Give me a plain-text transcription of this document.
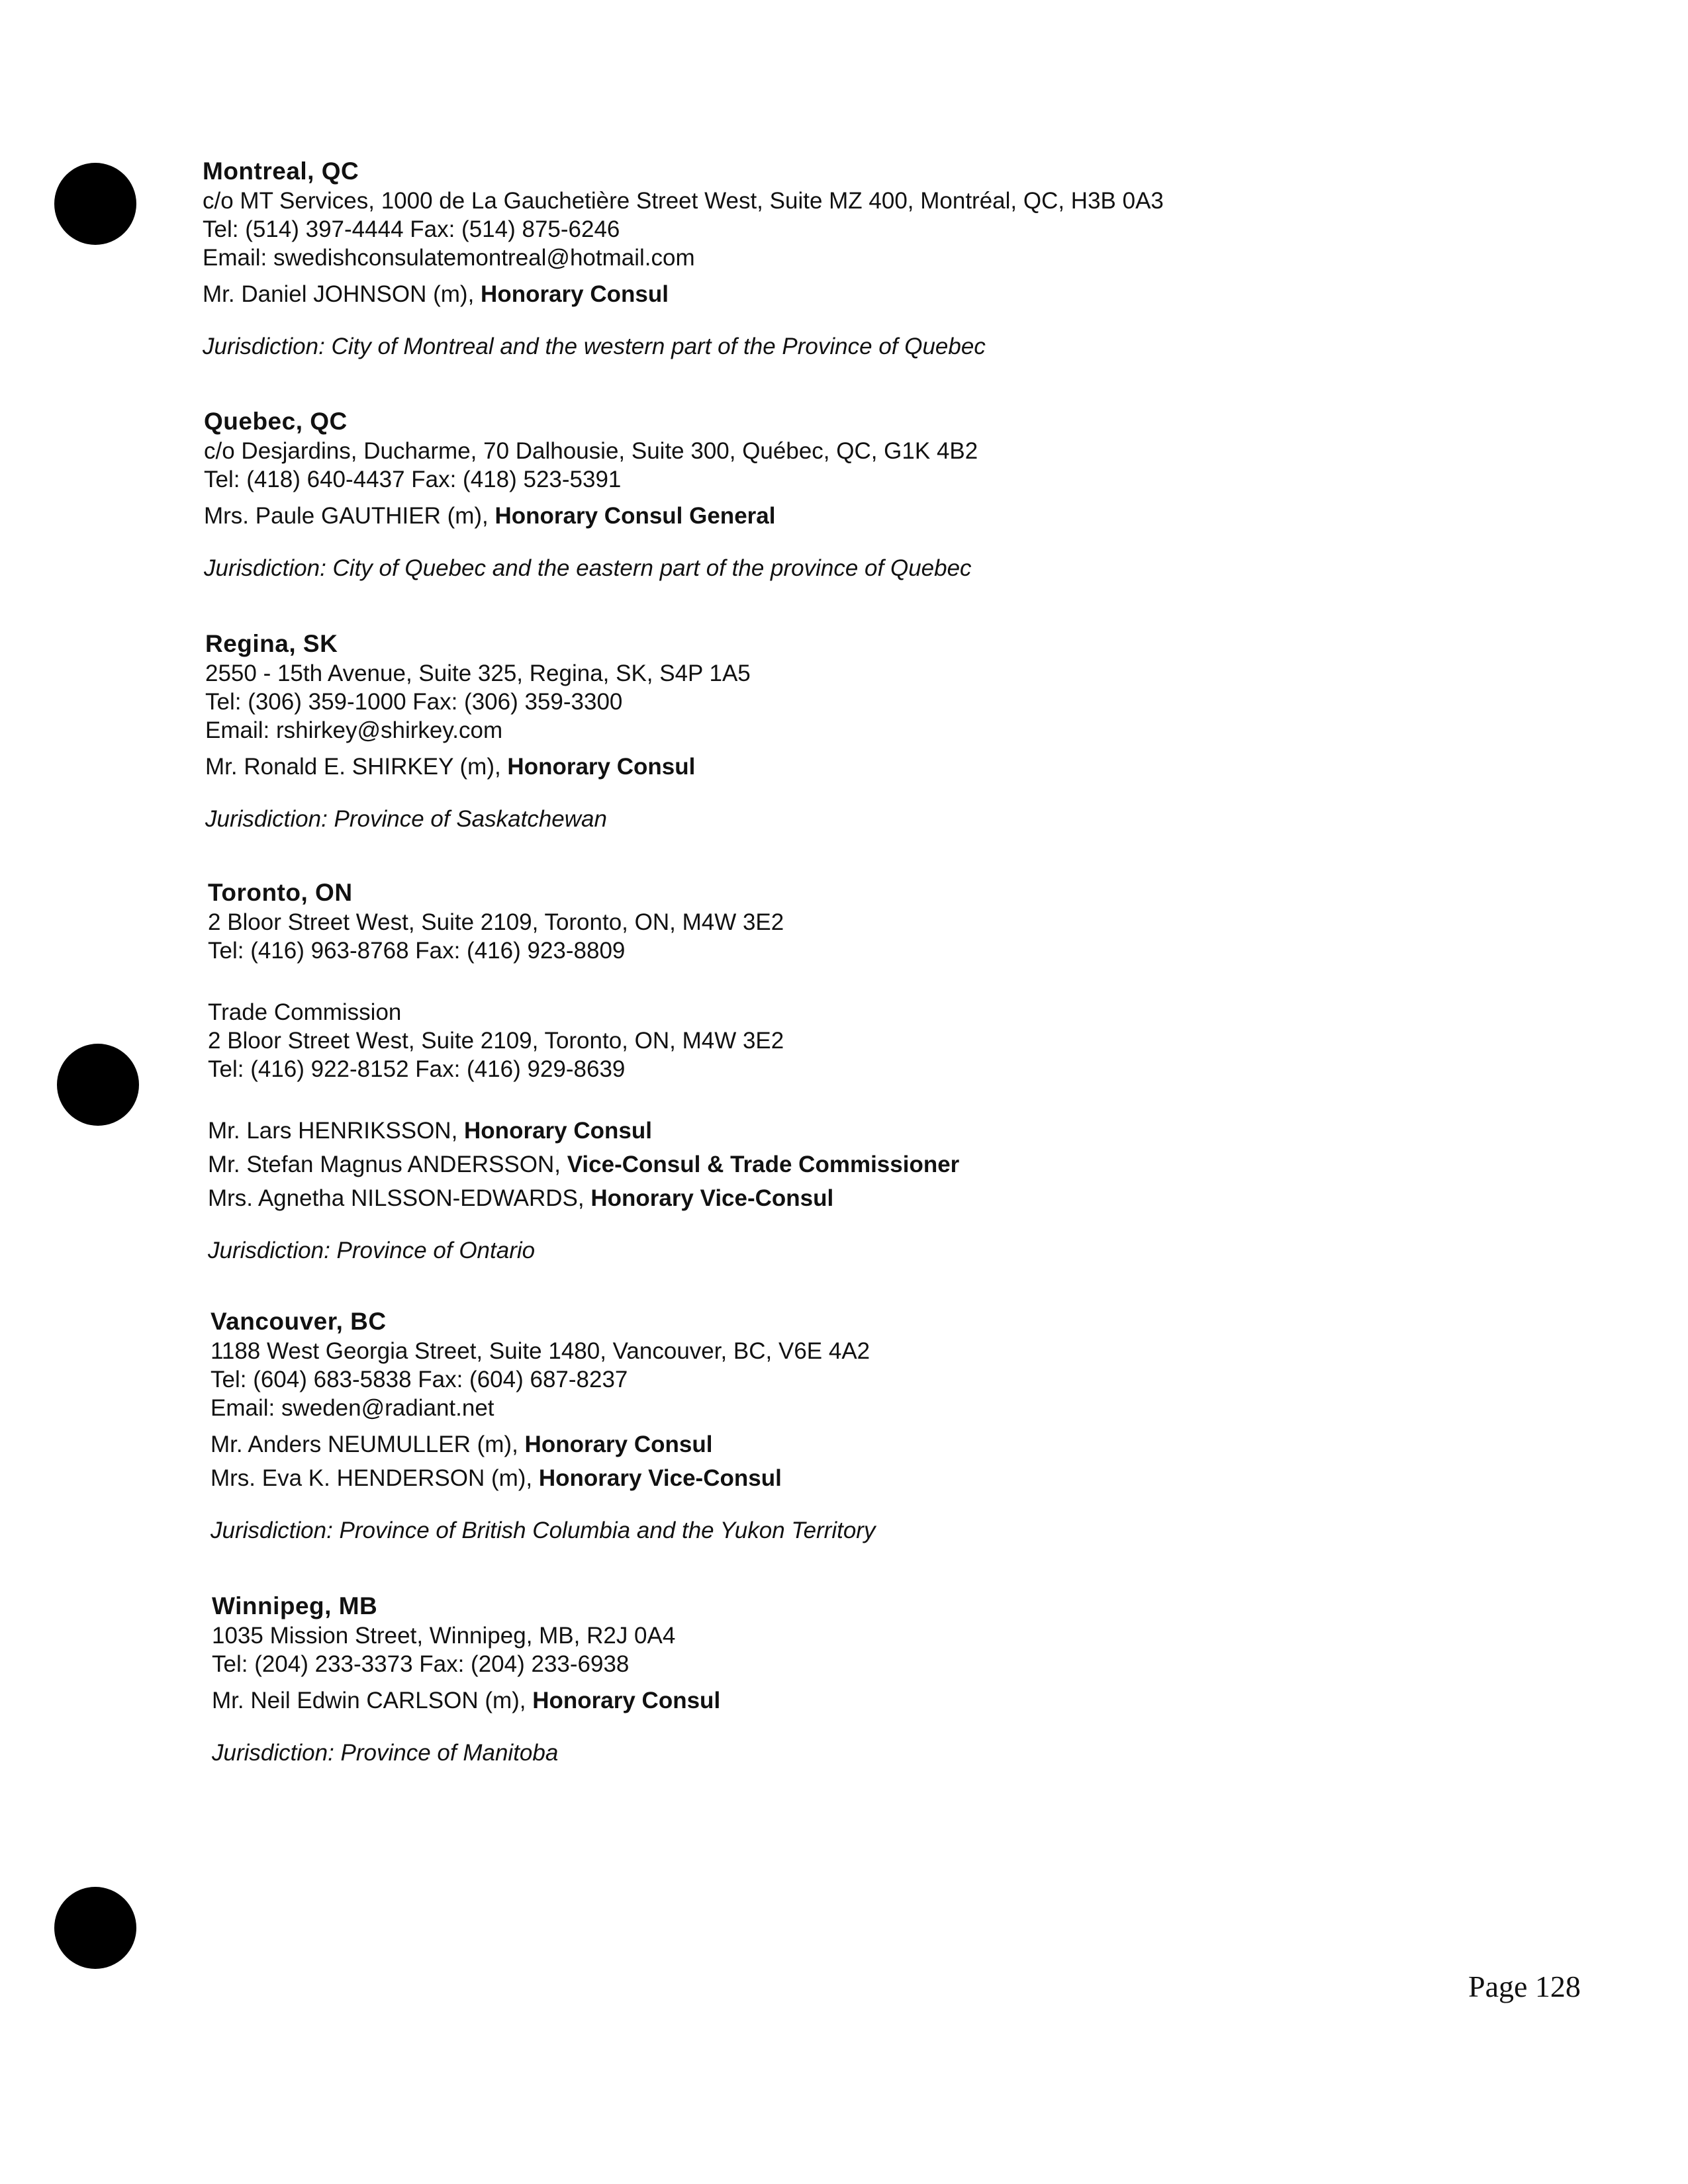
Montreal, QC
c/o MT Services, 1000 de La Gauchetière Street West, Suite MZ 400, Montréal, QC, H3B 0A3
Tel: (514) 397-4444 Fax: (514) 875-6246
Email: swedishconsulatemontreal@hotmail.com
Mr. Daniel JOHNSON (m), Honorary Consul
Jurisdiction: City of Montreal and the western part of the Province of Quebec
Quebec, QC
c/o Desjardins, Ducharme, 70 Dalhousie, Suite 300, Québec, QC, G1K 4B2
Tel: (418) 640-4437 Fax: (418) 523-5391
Mrs. Paule GAUTHIER (m), Honorary Consul General
Jurisdiction: City of Quebec and the eastern part of the province of Quebec
Regina, SK
2550 - 15th Avenue, Suite 325, Regina, SK, S4P 1A5
Tel: (306) 359-1000 Fax: (306) 359-3300
Email: rshirkey@shirkey.com
Mr. Ronald E. SHIRKEY (m), Honorary Consul
Jurisdiction: Province of Saskatchewan
Toronto, ON
2 Bloor Street West, Suite 2109, Toronto, ON, M4W 3E2
Tel: (416) 963-8768 Fax: (416) 923-8809
Trade Commission
2 Bloor Street West, Suite 2109, Toronto, ON, M4W 3E2
Tel: (416) 922-8152 Fax: (416) 929-8639
Mr. Lars HENRIKSSON, Honorary Consul
Mr. Stefan Magnus ANDERSSON, Vice-Consul & Trade Commissioner
Mrs. Agnetha NILSSON-EDWARDS, Honorary Vice-Consul
Jurisdiction: Province of Ontario
Vancouver, BC
1188 West Georgia Street, Suite 1480, Vancouver, BC, V6E 4A2
Tel: (604) 683-5838 Fax: (604) 687-8237
Email: sweden@radiant.net
Mr. Anders NEUMULLER (m), Honorary Consul
Mrs. Eva K. HENDERSON (m), Honorary Vice-Consul
Jurisdiction: Province of British Columbia and the Yukon Territory
Winnipeg, MB
1035 Mission Street, Winnipeg, MB, R2J 0A4
Tel: (204) 233-3373 Fax: (204) 233-6938
Mr. Neil Edwin CARLSON (m), Honorary Consul
Jurisdiction: Province of Manitoba
Page 128
